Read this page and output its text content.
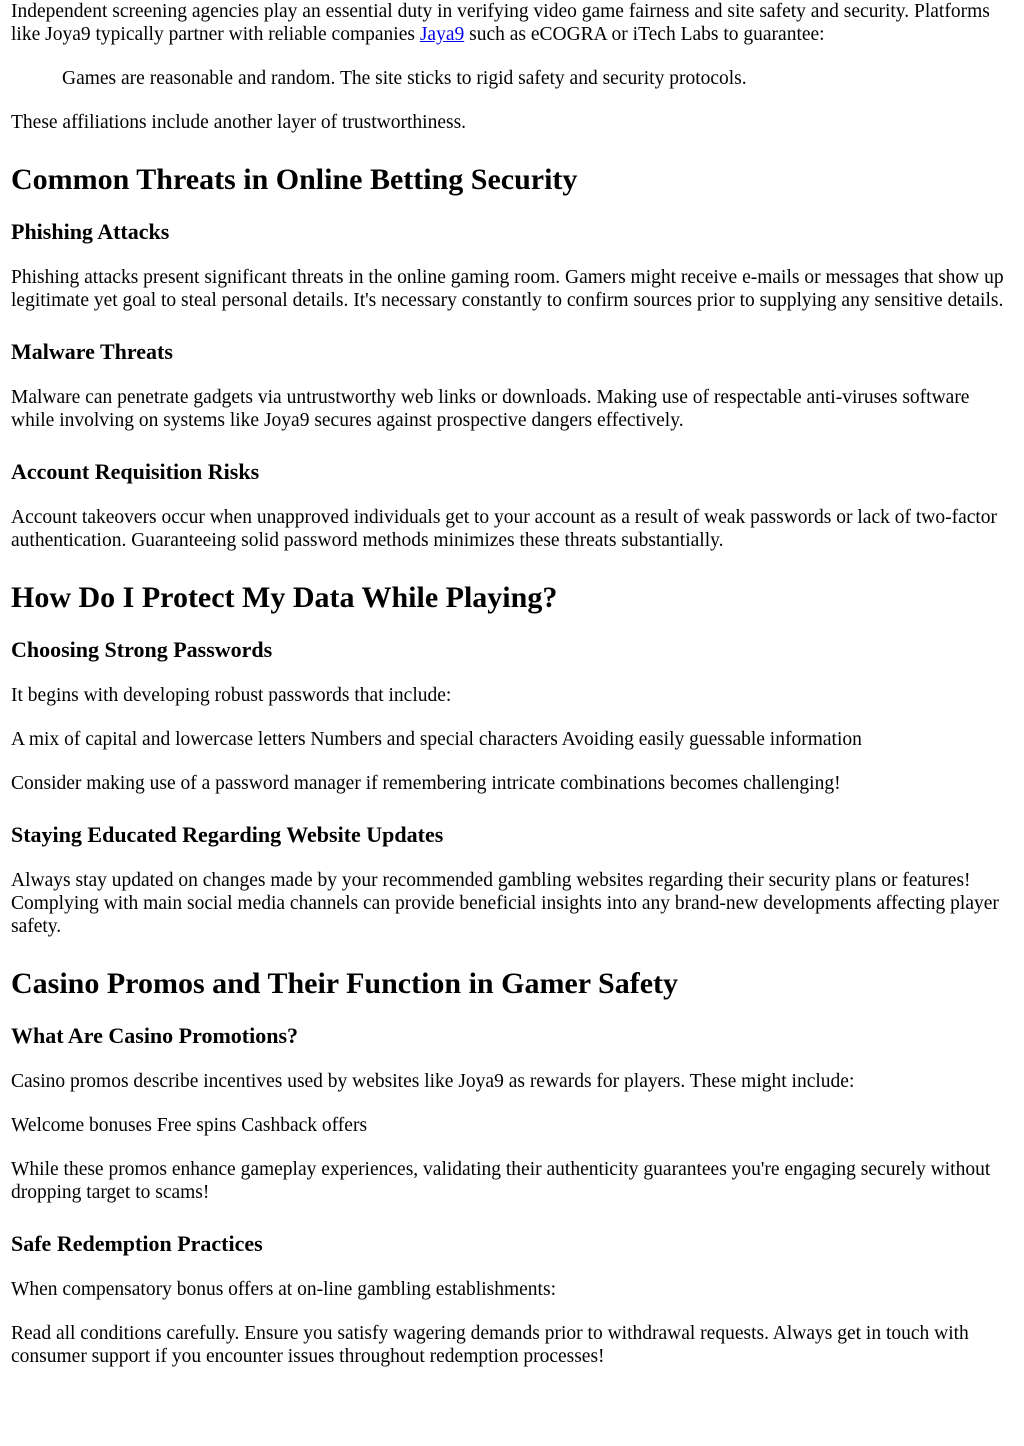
Independent screening agencies play an essential duty in verifying video game fairness and site safety and security. Platforms like Joya9 typically partner with reliable companies Jaya9 such as eCOGRA or iTech Labs to guarantee:

Games are reasonable and random. The site sticks to rigid safety and security protocols.

These affiliations include another layer of trustworthiness.

Common Threats in Online Betting Security
Phishing Attacks

Phishing attacks present significant threats in the online gaming room. Gamers might receive e-mails or messages that show up legitimate yet goal to steal personal details. It's necessary constantly to confirm sources prior to supplying any sensitive details.

Malware Threats

Malware can penetrate gadgets via untrustworthy web links or downloads. Making use of respectable anti-viruses software while involving on systems like Joya9 secures against prospective dangers effectively.

Account Requisition Risks

Account takeovers occur when unapproved individuals get to your account as a result of weak passwords or lack of two-factor authentication. Guaranteeing solid password methods minimizes these threats substantially.

How Do I Protect My Data While Playing?
Choosing Strong Passwords

It begins with developing robust passwords that include:

A mix of capital and lowercase letters Numbers and special characters Avoiding easily guessable information

Consider making use of a password manager if remembering intricate combinations becomes challenging!

Staying Educated Regarding Website Updates

Always stay updated on changes made by your recommended gambling websites regarding their security plans or features! Complying with main social media channels can provide beneficial insights into any brand-new developments affecting player safety.

Casino Promos and Their Function in Gamer Safety
What Are Casino Promotions?

Casino promos describe incentives used by websites like Joya9 as rewards for players. These might include:

Welcome bonuses Free spins Cashback offers

While these promos enhance gameplay experiences, validating their authenticity guarantees you're engaging securely without dropping target to scams!

Safe Redemption Practices

When compensatory bonus offers at on-line gambling establishments:

Read all conditions carefully. Ensure you satisfy wagering demands prior to withdrawal requests. Always get in touch with consumer support if you encounter issues throughout redemption processes!
